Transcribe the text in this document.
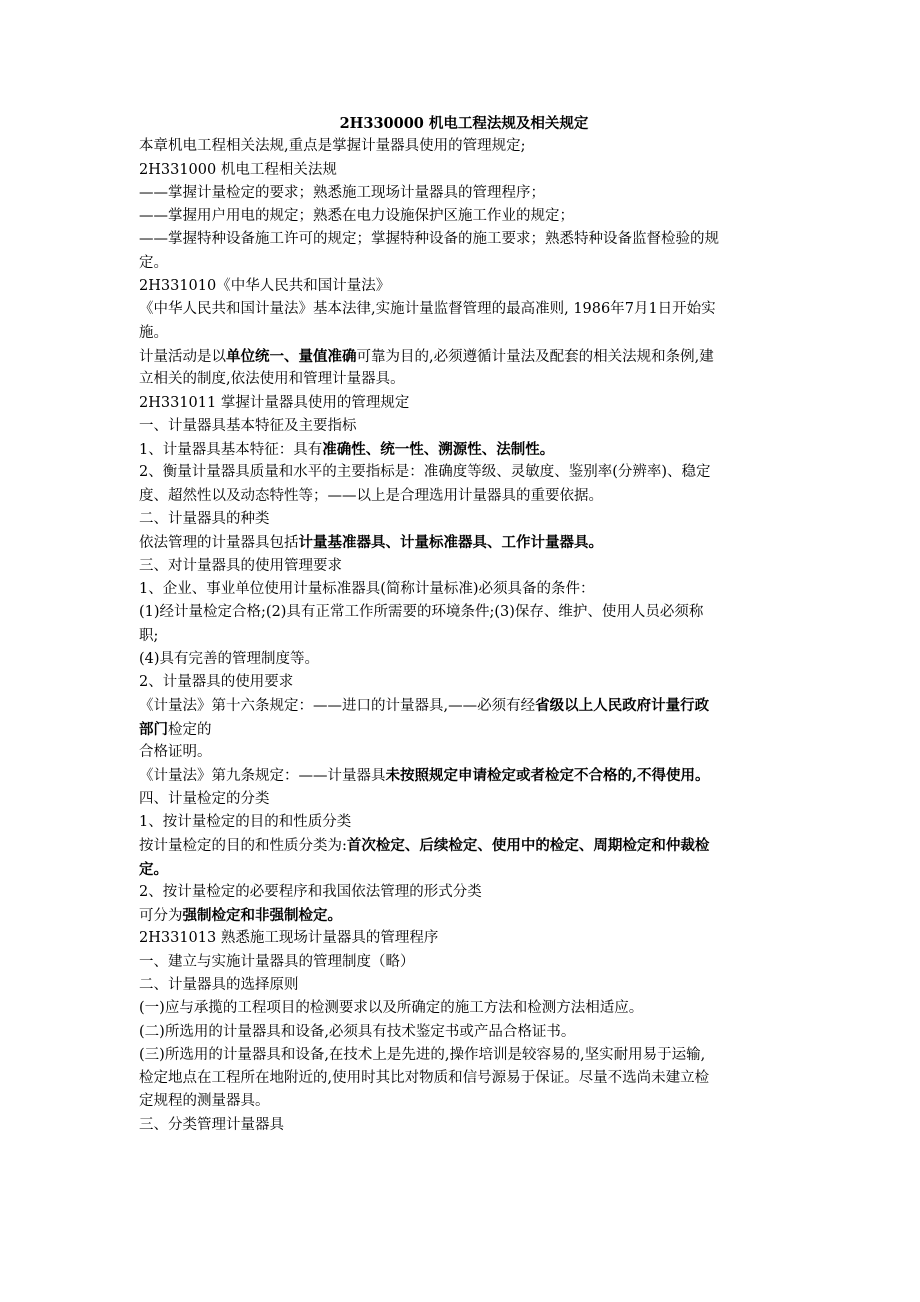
2H330000 机电工程法规及相关规定
本章机电工程相关法规,重点是掌握计量器具使用的管理规定;
2H331000 机电工程相关法规
——掌握计量检定的要求；熟悉施工现场计量器具的管理程序；
——掌握用户用电的规定；熟悉在电力设施保护区施工作业的规定；
——掌握特种设备施工许可的规定；掌握特种设备的施工要求；熟悉特种设备监督检验的规
定。
2H331010《中华人民共和国计量法》
《中华人民共和国计量法》基本法律,实施计量监督管理的最高准则, 1986年7月1日开始实
施。
计量活动是以单位统一、量值准确可靠为目的,必须遵循计量法及配套的相关法规和条例,建
立相关的制度,依法使用和管理计量器具。
2H331011 掌握计量器具使用的管理规定
一、计量器具基本特征及主要指标
1、计量器具基本特征：具有准确性、统一性、溯源性、法制性。
2、衡量计量器具质量和水平的主要指标是：准确度等级、灵敏度、鉴别率(分辨率)、稳定
度、超然性以及动态特性等；——以上是合理选用计量器具的重要依据。
二、计量器具的种类
依法管理的计量器具包括计量基准器具、计量标准器具、工作计量器具。
三、对计量器具的使用管理要求
1、企业、事业单位使用计量标准器具(简称计量标准)必须具备的条件：
(1)经计量检定合格;(2)具有正常工作所需要的环境条件;(3)保存、维护、使用人员必须称
职;
(4)具有完善的管理制度等。
2、计量器具的使用要求
《计量法》第十六条规定：——进口的计量器具,——必须有经省级以上人民政府计量行政
部门检定的
合格证明。
《计量法》第九条规定：——计量器具未按照规定申请检定或者检定不合格的,不得使用。
四、计量检定的分类
1、按计量检定的目的和性质分类
按计量检定的目的和性质分类为:首次检定、后续检定、使用中的检定、周期检定和仲裁检
定。
2、按计量检定的必要程序和我国依法管理的形式分类
可分为强制检定和非强制检定。
2H331013 熟悉施工现场计量器具的管理程序
一、建立与实施计量器具的管理制度（略）
二、计量器具的选择原则
(一)应与承揽的工程项目的检测要求以及所确定的施工方法和检测方法相适应。
(二)所选用的计量器具和设备,必须具有技术鉴定书或产品合格证书。
(三)所选用的计量器具和设备,在技术上是先进的,操作培训是较容易的,坚实耐用易于运输,
检定地点在工程所在地附近的,使用时其比对物质和信号源易于保证。尽量不选尚未建立检
定规程的测量器具。
三、分类管理计量器具
